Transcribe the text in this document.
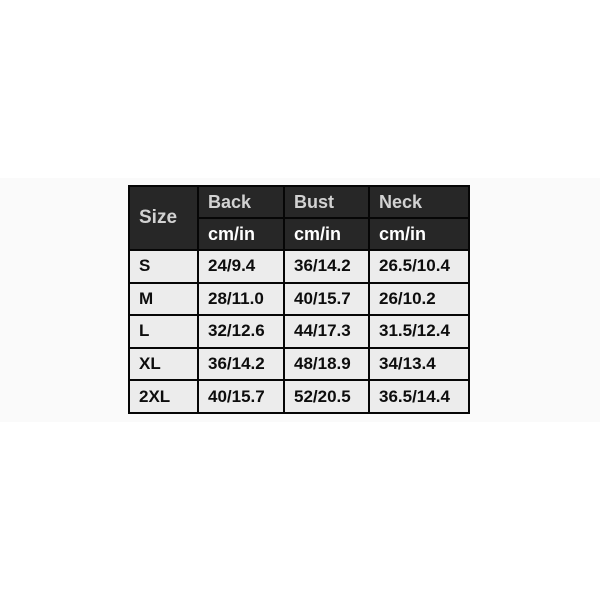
Size	Back	Bust	Neck
	cm/in	cm/in	cm/in
S	24/9.4	36/14.2	26.5/10.4
M	28/11.0	40/15.7	26/10.2
L	32/12.6	44/17.3	31.5/12.4
XL	36/14.2	48/18.9	34/13.4
2XL	40/15.7	52/20.5	36.5/14.4
